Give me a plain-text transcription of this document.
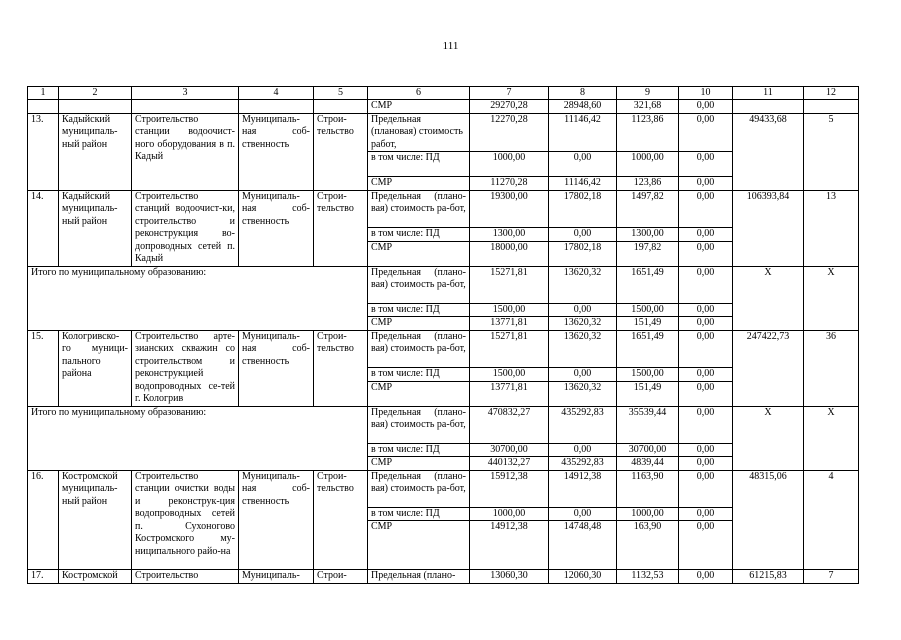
111
1	2	3	4	5	6	7	8	9	10	11	12
					СМР	29270,28	28948,60	321,68	0,00		
13.	Кадыйский муниципаль-ный район	Строительство станции водоочист-ного оборудования в п. Кадый	Муниципаль-ная соб-ственность	Строи-тельство	Предельная (плановая) стоимость работ,	12270,28	11146,42	1123,86	0,00	49433,68	5
					в том числе: ПД	1000,00	0,00	1000,00	0,00		
					СМР	11270,28	11146,42	123,86	0,00		
14.	Кадыйский муниципаль-ный район	Строительство станций водоочист-ки, строительство и реконструкция во-допроводных сетей п. Кадый	Муниципаль-ная соб-ственность	Строи-тельство	Предельная (плано-вая) стоимость ра-бот,	19300,00	17802,18	1497,82	0,00	106393,84	13
					в том числе: ПД	1300,00	0,00	1300,00	0,00		
					СМР	18000,00	17802,18	197,82	0,00		
Итого по муниципальному образованию:					Предельная (плано-вая) стоимость ра-бот,	15271,81	13620,32	1651,49	0,00	X	X
					в том числе: ПД	1500,00	0,00	1500,00	0,00		
					СМР	13771,81	13620,32	151,49	0,00		
15.	Кологривско-го муници-пального района	Строительство арте-зианских скважин со строительством и реконструкцией водопроводных се-тей г. Кологрив	Муниципаль-ная соб-ственность	Строи-тельство	Предельная (плано-вая) стоимость ра-бот,	15271,81	13620,32	1651,49	0,00	247422,73	36
					в том числе: ПД	1500,00	0,00	1500,00	0,00		
					СМР	13771,81	13620,32	151,49	0,00		
Итого по муниципальному образованию:					Предельная (плано-вая) стоимость ра-бот,	470832,27	435292,83	35539,44	0,00	X	X
					в том числе: ПД	30700,00	0,00	30700,00	0,00		
					СМР	440132,27	435292,83	4839,44	0,00		
16.	Костромской муниципаль-ный район	Строительство станции очистки воды и реконструк-ция водопроводных сетей п. Сухоногово Костромского му-ниципального райо-на	Муниципаль-ная соб-ственность	Строи-тельство	Предельная (плано-вая) стоимость ра-бот,	15912,38	14912,38	1163,90	0,00	48315,06	4
					в том числе: ПД	1000,00	0,00	1000,00	0,00		
					СМР	14912,38	14748,48	163,90	0,00		
17.	Костромской	Строительство	Муниципаль-	Строи-	Предельная (плано-	13060,30	12060,30	1132,53	0,00	61215,83	7
